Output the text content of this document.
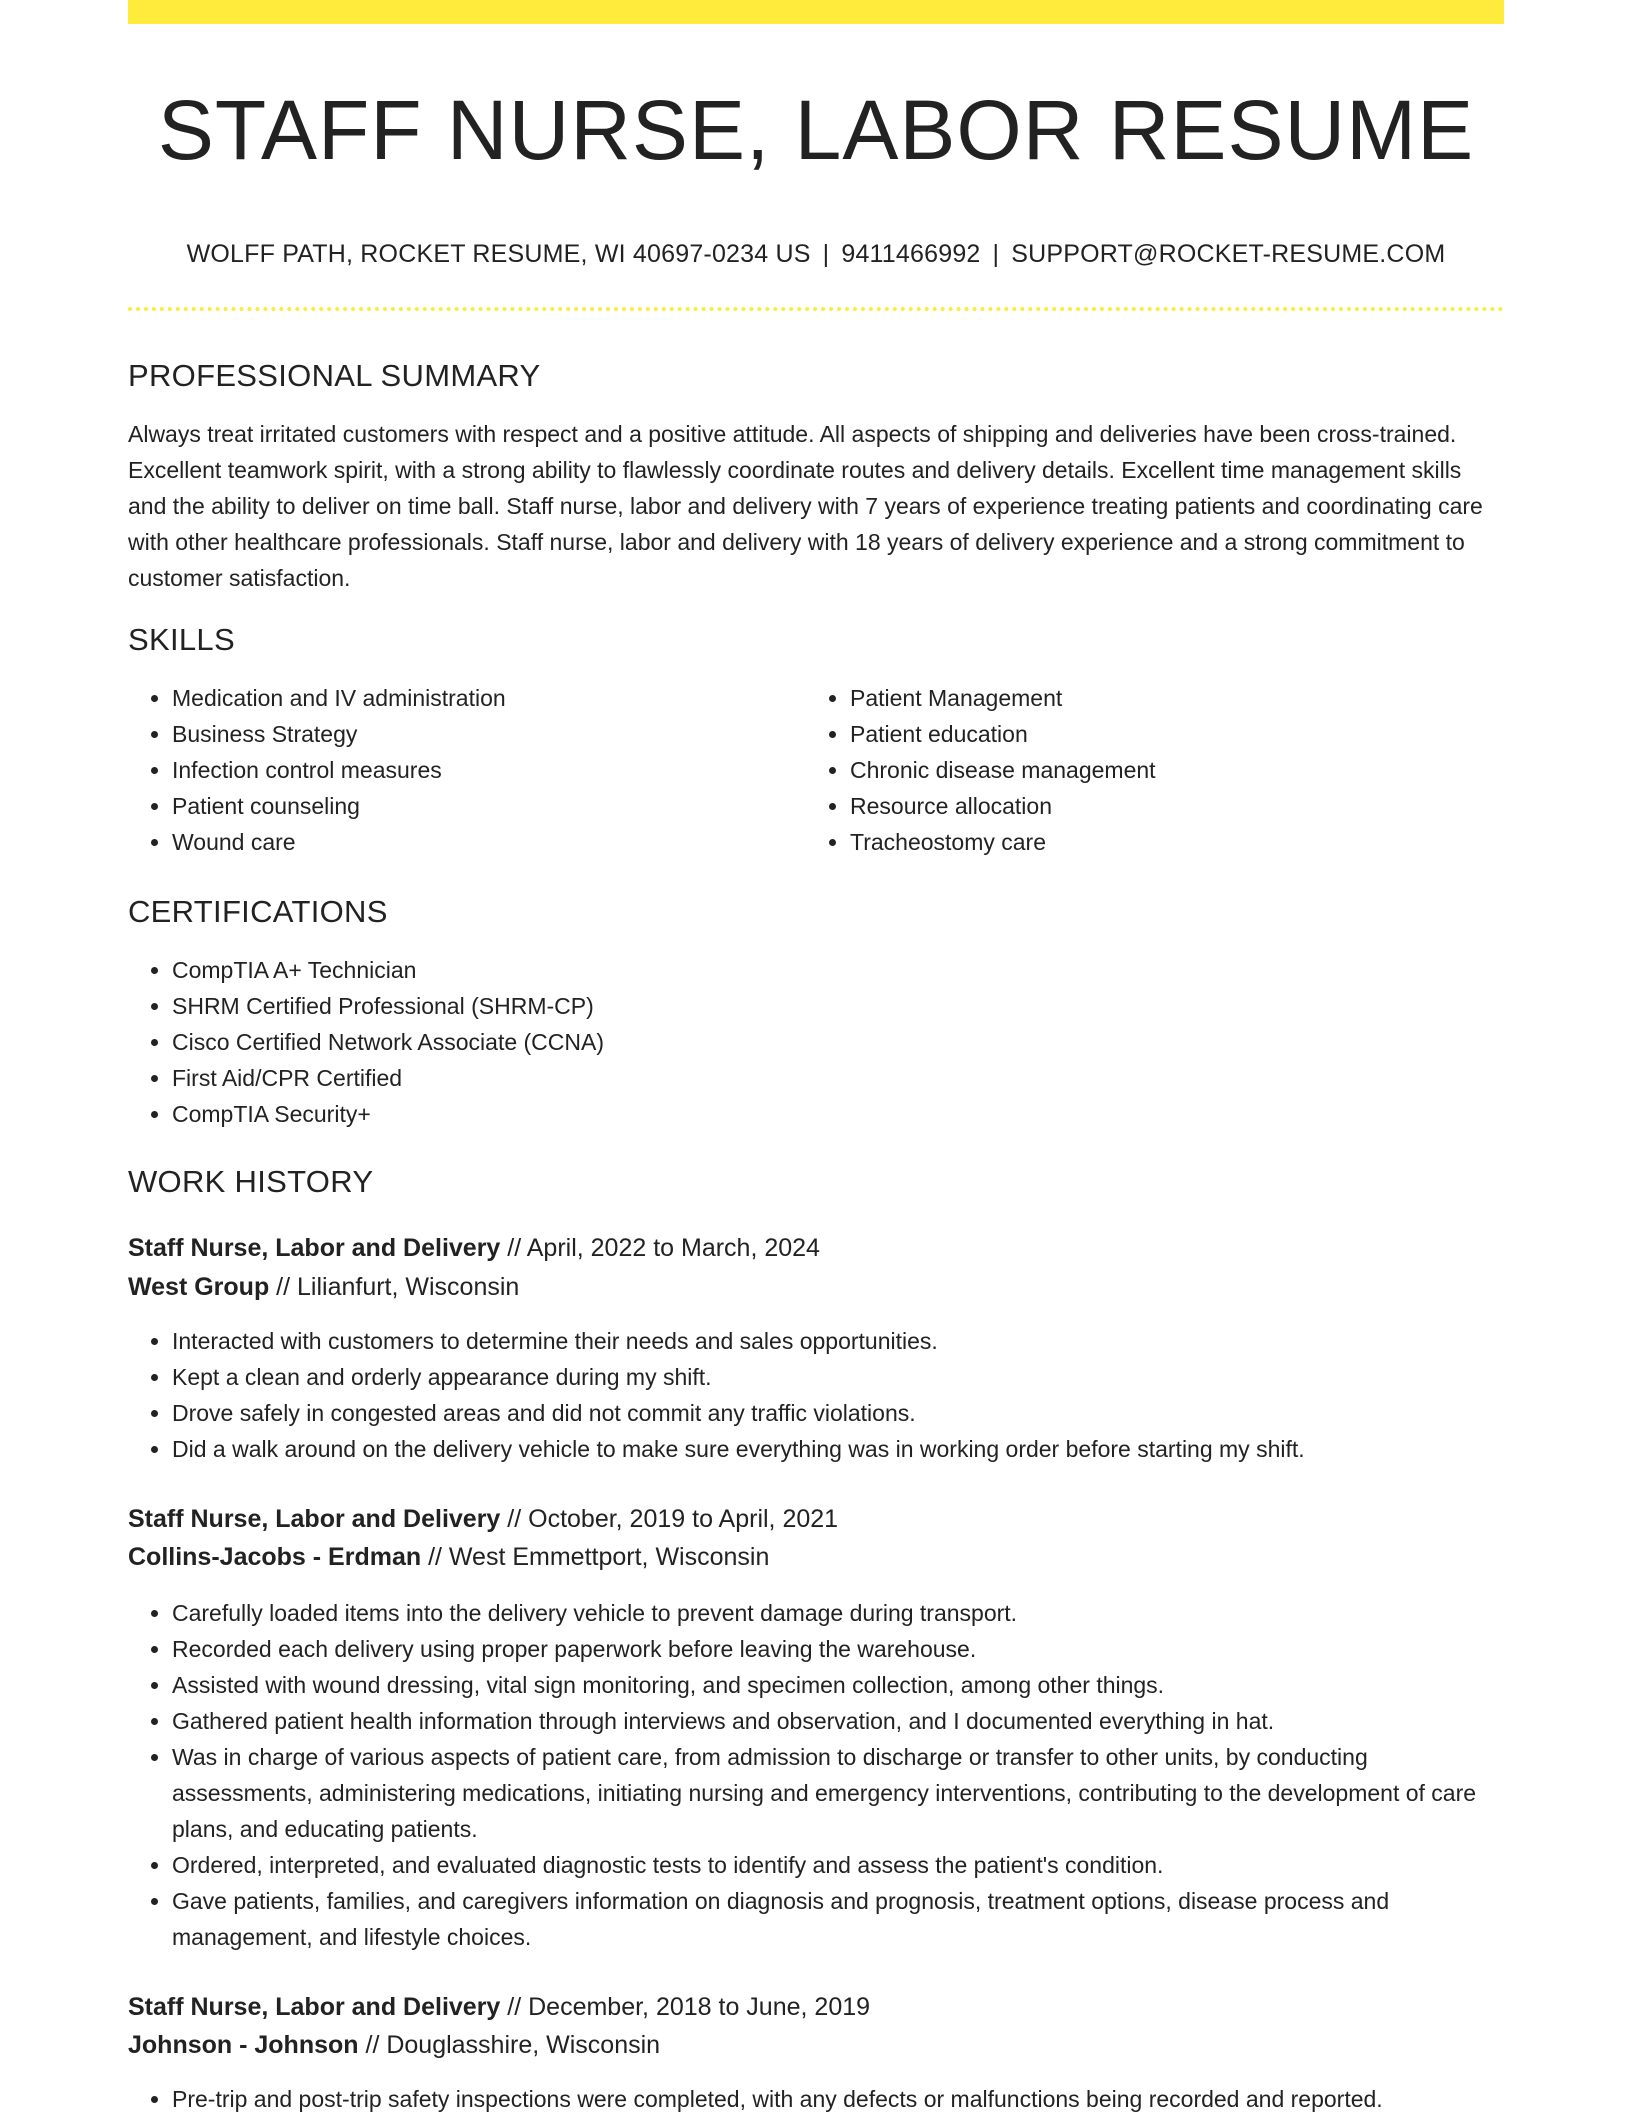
STAFF NURSE, LABOR RESUME
WOLFF PATH, ROCKET RESUME, WI 40697-0234 US | 9411466992 | SUPPORT@ROCKET-RESUME.COM
PROFESSIONAL SUMMARY

Always treat irritated customers with respect and a positive attitude. All aspects of shipping and deliveries have been cross-trained. Excellent teamwork spirit, with a strong ability to flawlessly coordinate routes and delivery details. Excellent time management skills and the ability to deliver on time ball. Staff nurse, labor and delivery with 7 years of experience treating patients and coordinating care with other healthcare professionals. Staff nurse, labor and delivery with 18 years of delivery experience and a strong commitment to customer satisfaction.

SKILLS
• Medication and IV administration
• Business Strategy
• Infection control measures
• Patient counseling
• Wound care
• Patient Management
• Patient education
• Chronic disease management
• Resource allocation
• Tracheostomy care
CERTIFICATIONS
• CompTIA A+ Technician
• SHRM Certified Professional (SHRM-CP)
• Cisco Certified Network Associate (CCNA)
• First Aid/CPR Certified
• CompTIA Security+
WORK HISTORY
Staff Nurse, Labor and Delivery // April, 2022 to March, 2024
West Group // Lilianfurt, Wisconsin
• Interacted with customers to determine their needs and sales opportunities.
• Kept a clean and orderly appearance during my shift.
• Drove safely in congested areas and did not commit any traffic violations.
• Did a walk around on the delivery vehicle to make sure everything was in working order before starting my shift.
Staff Nurse, Labor and Delivery // October, 2019 to April, 2021
Collins-Jacobs - Erdman // West Emmettport, Wisconsin
• Carefully loaded items into the delivery vehicle to prevent damage during transport.
• Recorded each delivery using proper paperwork before leaving the warehouse.
• Assisted with wound dressing, vital sign monitoring, and specimen collection, among other things.
• Gathered patient health information through interviews and observation, and I documented everything in hat.
• Was in charge of various aspects of patient care, from admission to discharge or transfer to other units, by conducting assessments, administering medications, initiating nursing and emergency interventions, contributing to the development of care plans, and educating patients.
• Ordered, interpreted, and evaluated diagnostic tests to identify and assess the patient's condition.
• Gave patients, families, and caregivers information on diagnosis and prognosis, treatment options, disease process and management, and lifestyle choices.
Staff Nurse, Labor and Delivery // December, 2018 to June, 2019
Johnson - Johnson // Douglasshire, Wisconsin
• Pre-trip and post-trip safety inspections were completed, with any defects or malfunctions being recorded and reported.
